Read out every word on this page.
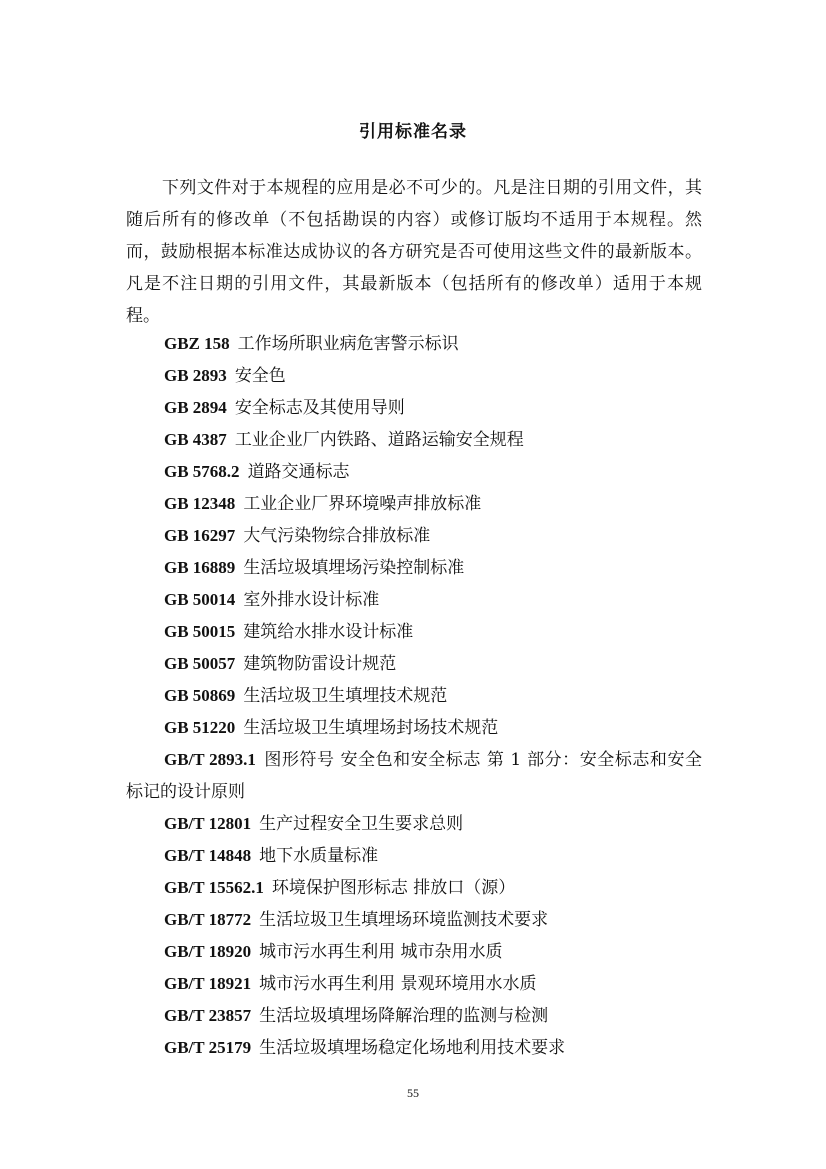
引用标准名录

下列文件对于本规程的应用是必不可少的。凡是注日期的引用文件，其随后所有的修改单（不包括勘误的内容）或修订版均不适用于本规程。然而，鼓励根据本标准达成协议的各方研究是否可使用这些文件的最新版本。凡是不注日期的引用文件，其最新版本（包括所有的修改单）适用于本规程。

GBZ 158 工作场所职业病危害警示标识
GB 2893 安全色
GB 2894 安全标志及其使用导则
GB 4387 工业企业厂内铁路、道路运输安全规程
GB 5768.2 道路交通标志
GB 12348 工业企业厂界环境噪声排放标准
GB 16297 大气污染物综合排放标准
GB 16889 生活垃圾填埋场污染控制标准
GB 50014 室外排水设计标准
GB 50015 建筑给水排水设计标准
GB 50057 建筑物防雷设计规范
GB 50869 生活垃圾卫生填埋技术规范
GB 51220 生活垃圾卫生填埋场封场技术规范
GB/T 2893.1 图形符号 安全色和安全标志 第 1 部分：安全标志和安全标记的设计原则
GB/T 12801 生产过程安全卫生要求总则
GB/T 14848 地下水质量标准
GB/T 15562.1 环境保护图形标志 排放口（源）
GB/T 18772 生活垃圾卫生填埋场环境监测技术要求
GB/T 18920 城市污水再生利用 城市杂用水质
GB/T 18921 城市污水再生利用 景观环境用水水质
GB/T 23857 生活垃圾填埋场降解治理的监测与检测
GB/T 25179 生活垃圾填埋场稳定化场地利用技术要求
55
